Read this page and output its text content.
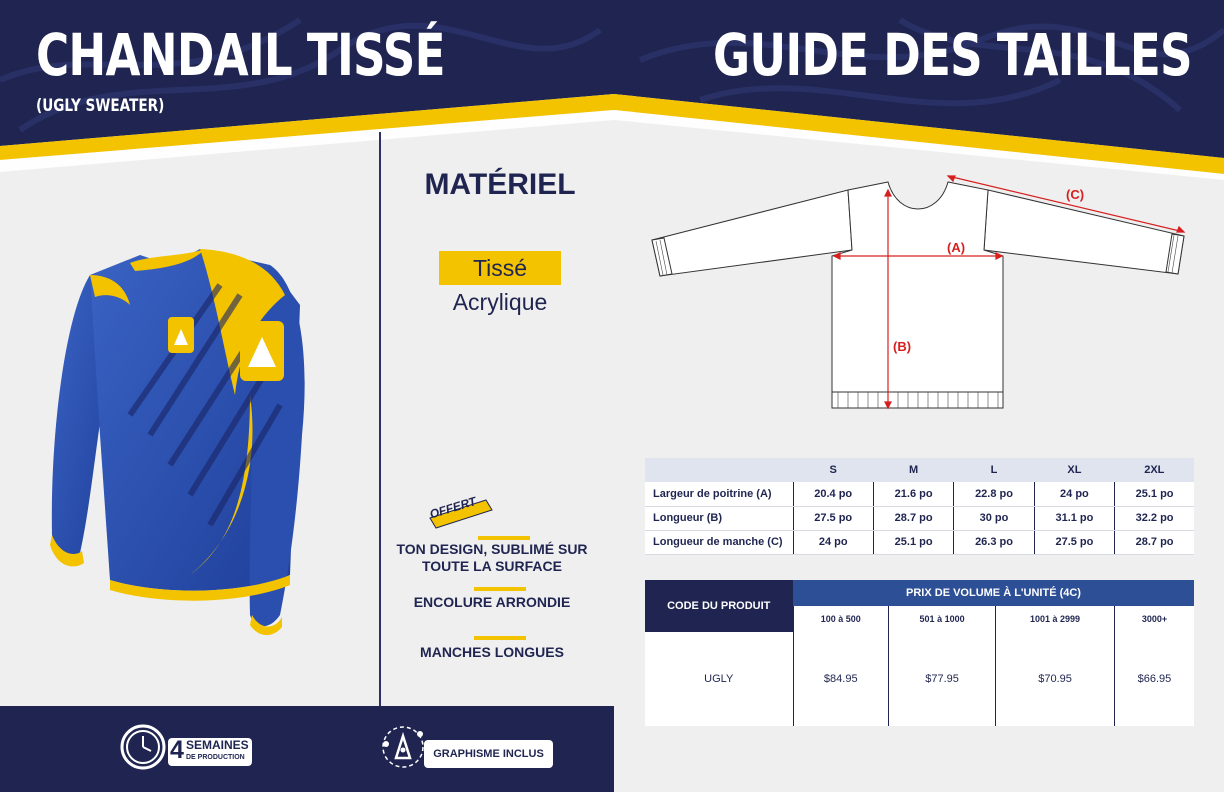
CHANDAIL TISSÉ
(UGLY SWEATER)
GUIDE DES TAILLES
MATÉRIEL
Tissé
Acrylique
OFFERT
TON DESIGN, SUBLIMÉ SUR TOUTE LA SURFACE
ENCOLURE ARRONDIE
MANCHES LONGUES
4 SEMAINES
DE PRODUCTION	GRAPHISME INCLUS
(A)
(B)
(C)
	S	M	L	XL	2XL
Largeur de poitrine (A)	20.4 po	21.6 po	22.8 po	24 po	25.1 po
Longueur (B)	27.5 po	28.7 po	30 po	31.1 po	32.2 po
Longueur de manche (C)	24 po	25.1 po	26.3 po	27.5 po	28.7 po
CODE DU PRODUIT	PRIX DE VOLUME À L'UNITÉ (4C)			
	100 à 500	501 à 1000	1001 à 2999	3000+
UGLY	$84.95	$77.95	$70.95	$66.95
